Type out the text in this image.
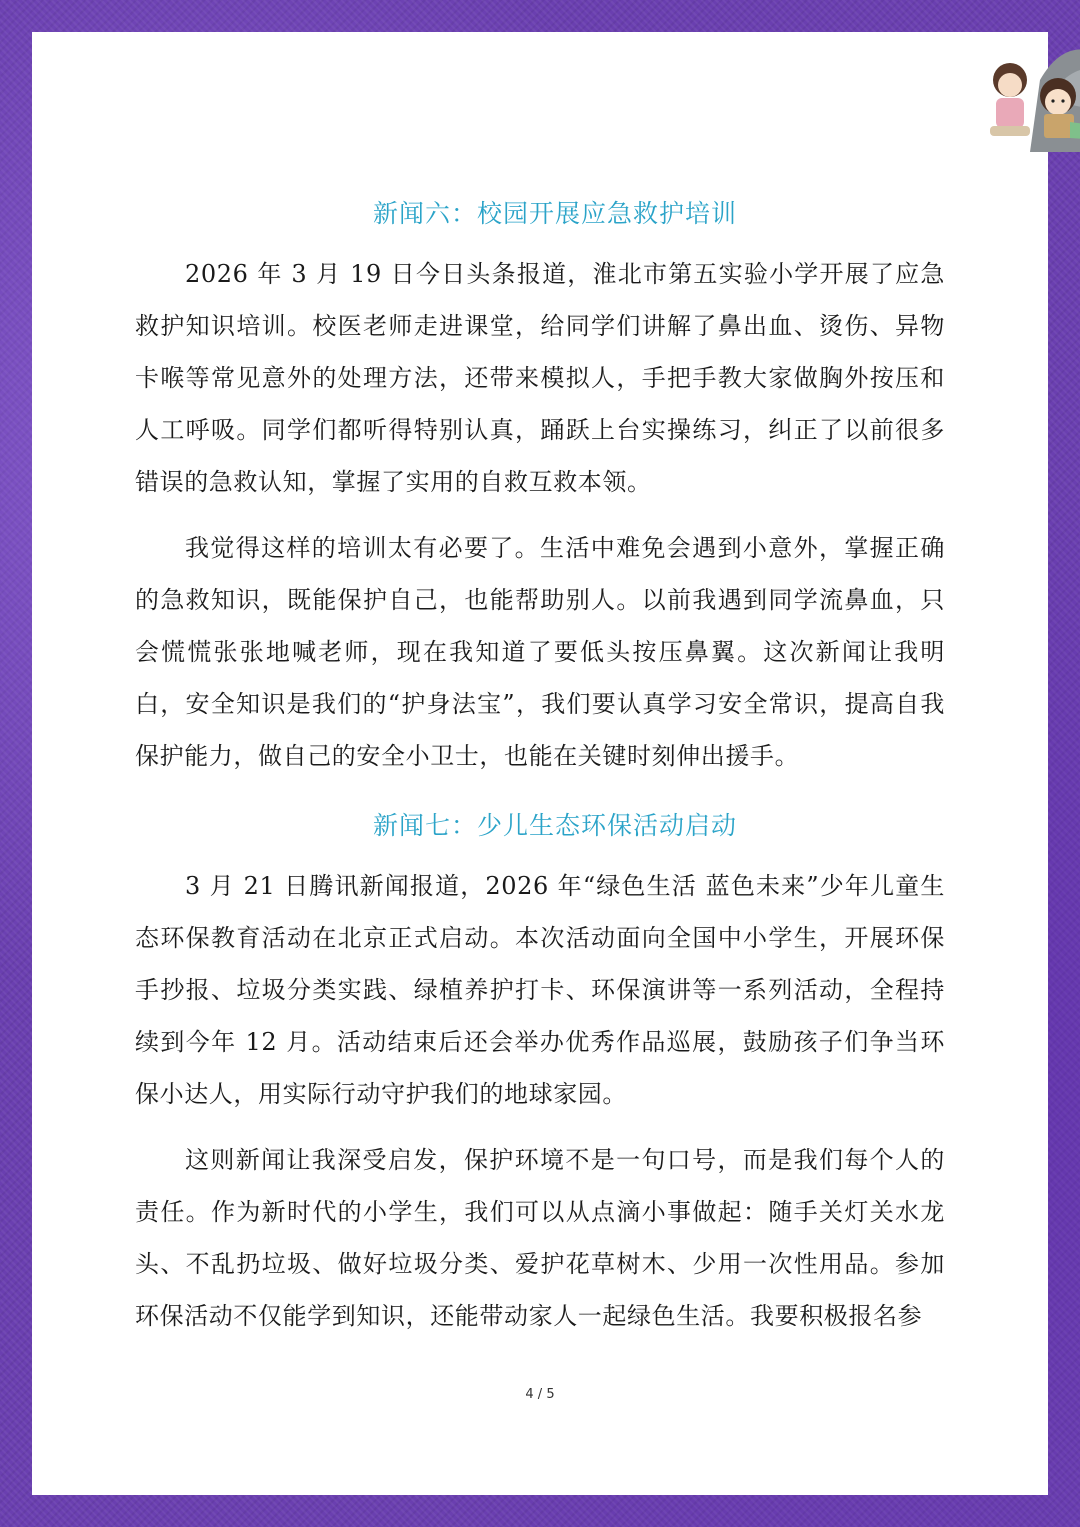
新闻六：校园开展应急救护培训
2026 年 3 月 19 日今日头条报道，淮北市第五实验小学开展了应急救护知识培训。校医老师走进课堂，给同学们讲解了鼻出血、烫伤、异物卡喉等常见意外的处理方法，还带来模拟人，手把手教大家做胸外按压和人工呼吸。同学们都听得特别认真，踊跃上台实操练习，纠正了以前很多错误的急救认知，掌握了实用的自救互救本领。
我觉得这样的培训太有必要了。生活中难免会遇到小意外，掌握正确的急救知识，既能保护自己，也能帮助别人。以前我遇到同学流鼻血，只会慌慌张张地喊老师，现在我知道了要低头按压鼻翼。这次新闻让我明白，安全知识是我们的“护身法宝”，我们要认真学习安全常识，提高自我保护能力，做自己的安全小卫士，也能在关键时刻伸出援手。
新闻七：少儿生态环保活动启动
3 月 21 日腾讯新闻报道，2026 年“绿色生活 蓝色未来”少年儿童生态环保教育活动在北京正式启动。本次活动面向全国中小学生，开展环保手抄报、垃圾分类实践、绿植养护打卡、环保演讲等一系列活动，全程持续到今年 12 月。活动结束后还会举办优秀作品巡展，鼓励孩子们争当环保小达人，用实际行动守护我们的地球家园。
这则新闻让我深受启发，保护环境不是一句口号，而是我们每个人的责任。作为新时代的小学生，我们可以从点滴小事做起：随手关灯关水龙头、不乱扔垃圾、做好垃圾分类、爱护花草树木、少用一次性用品。参加环保活动不仅能学到知识，还能带动家人一起绿色生活。我要积极报名参
4 / 5
